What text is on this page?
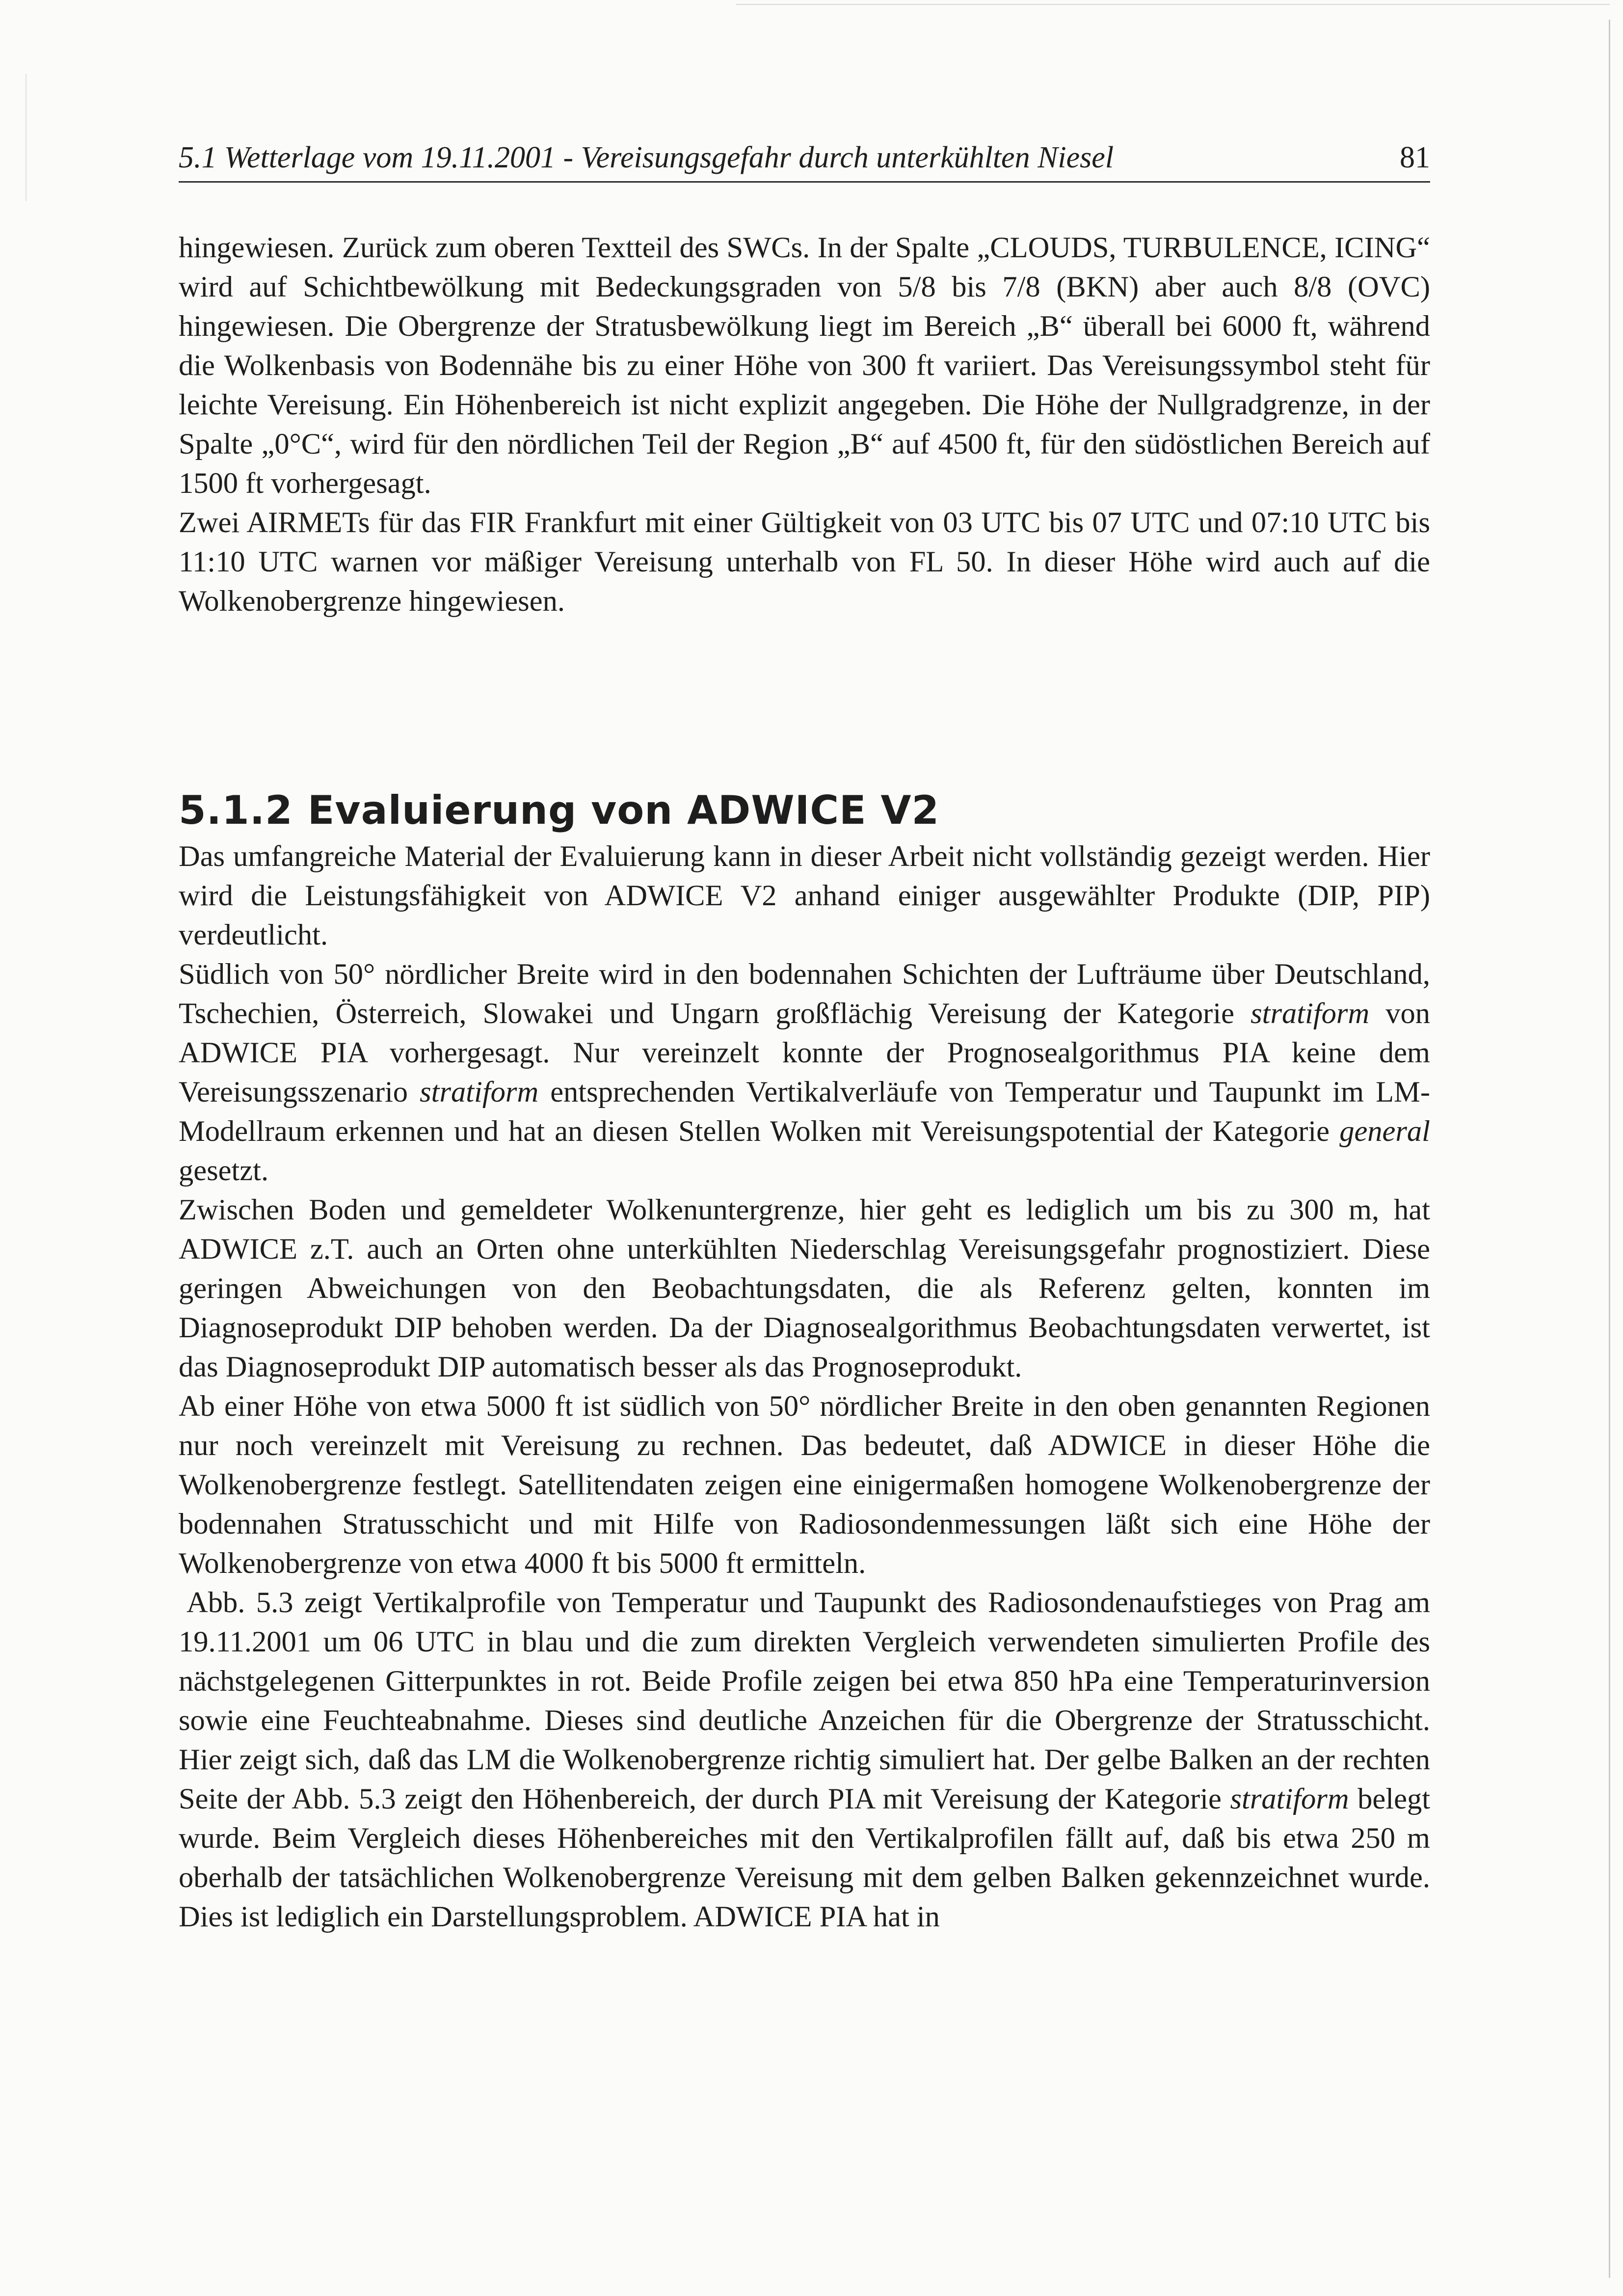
5.1 Wetterlage vom 19.11.2001 - Vereisungsgefahr durch unterkühlten Niesel	81

hingewiesen. Zurück zum oberen Textteil des SWCs. In der Spalte „CLOUDS, TURBULENCE, ICING“ wird auf Schichtbewölkung mit Bedeckungsgraden von 5/8 bis 7/8 (BKN) aber auch 8/8 (OVC) hingewiesen. Die Obergrenze der Stratusbewölkung liegt im Bereich „B“ überall bei 6000 ft, während die Wolkenbasis von Bodennähe bis zu einer Höhe von 300 ft variiert. Das Vereisungssymbol steht für leichte Vereisung. Ein Höhenbereich ist nicht explizit angegeben. Die Höhe der Nullgradgrenze, in der Spalte „0°C“, wird für den nördlichen Teil der Region „B“ auf 4500 ft, für den südöstlichen Bereich auf 1500 ft vorhergesagt.

Zwei AIRMETs für das FIR Frankfurt mit einer Gültigkeit von 03 UTC bis 07 UTC und 07:10 UTC bis 11:10 UTC warnen vor mäßiger Vereisung unterhalb von FL 50. In dieser Höhe wird auch auf die Wolkenobergrenze hingewiesen.

5.1.2 Evaluierung von ADWICE V2

Das umfangreiche Material der Evaluierung kann in dieser Arbeit nicht vollständig gezeigt werden. Hier wird die Leistungsfähigkeit von ADWICE V2 anhand einiger ausgewählter Produkte (DIP, PIP) verdeutlicht.

Südlich von 50° nördlicher Breite wird in den bodennahen Schichten der Lufträume über Deutschland, Tschechien, Österreich, Slowakei und Ungarn großflächig Vereisung der Kategorie stratiform von ADWICE PIA vorhergesagt. Nur vereinzelt konnte der Prognosealgorithmus PIA keine dem Vereisungsszenario stratiform entsprechenden Vertikalverläufe von Temperatur und Taupunkt im LM-Modellraum erkennen und hat an diesen Stellen Wolken mit Vereisungspotential der Kategorie general gesetzt.

Zwischen Boden und gemeldeter Wolkenuntergrenze, hier geht es lediglich um bis zu 300 m, hat ADWICE z.T. auch an Orten ohne unterkühlten Niederschlag Vereisungsgefahr prognostiziert. Diese geringen Abweichungen von den Beobachtungsdaten, die als Referenz gelten, konnten im Diagnoseprodukt DIP behoben werden. Da der Diagnosealgorithmus Beobachtungsdaten verwertet, ist das Diagnoseprodukt DIP automatisch besser als das Prognoseprodukt.

Ab einer Höhe von etwa 5000 ft ist südlich von 50° nördlicher Breite in den oben genannten Regionen nur noch vereinzelt mit Vereisung zu rechnen. Das bedeutet, daß ADWICE in dieser Höhe die Wolkenobergrenze festlegt. Satellitendaten zeigen eine einigermaßen homogene Wolkenobergrenze der bodennahen Stratusschicht und mit Hilfe von Radiosondenmessungen läßt sich eine Höhe der Wolkenobergrenze von etwa 4000 ft bis 5000 ft ermitteln.

Abb. 5.3 zeigt Vertikalprofile von Temperatur und Taupunkt des Radiosondenaufstieges von Prag am 19.11.2001 um 06 UTC in blau und die zum direkten Vergleich verwendeten simulierten Profile des nächstgelegenen Gitterpunktes in rot. Beide Profile zeigen bei etwa 850 hPa eine Temperaturinversion sowie eine Feuchteabnahme. Dieses sind deutliche Anzeichen für die Obergrenze der Stratusschicht. Hier zeigt sich, daß das LM die Wolkenobergrenze richtig simuliert hat. Der gelbe Balken an der rechten Seite der Abb. 5.3 zeigt den Höhenbereich, der durch PIA mit Vereisung der Kategorie stratiform belegt wurde. Beim Vergleich dieses Höhenbereiches mit den Vertikalprofilen fällt auf, daß bis etwa 250 m oberhalb der tatsächlichen Wolkenobergrenze Vereisung mit dem gelben Balken gekennzeichnet wurde. Dies ist lediglich ein Darstellungsproblem. ADWICE PIA hat in
